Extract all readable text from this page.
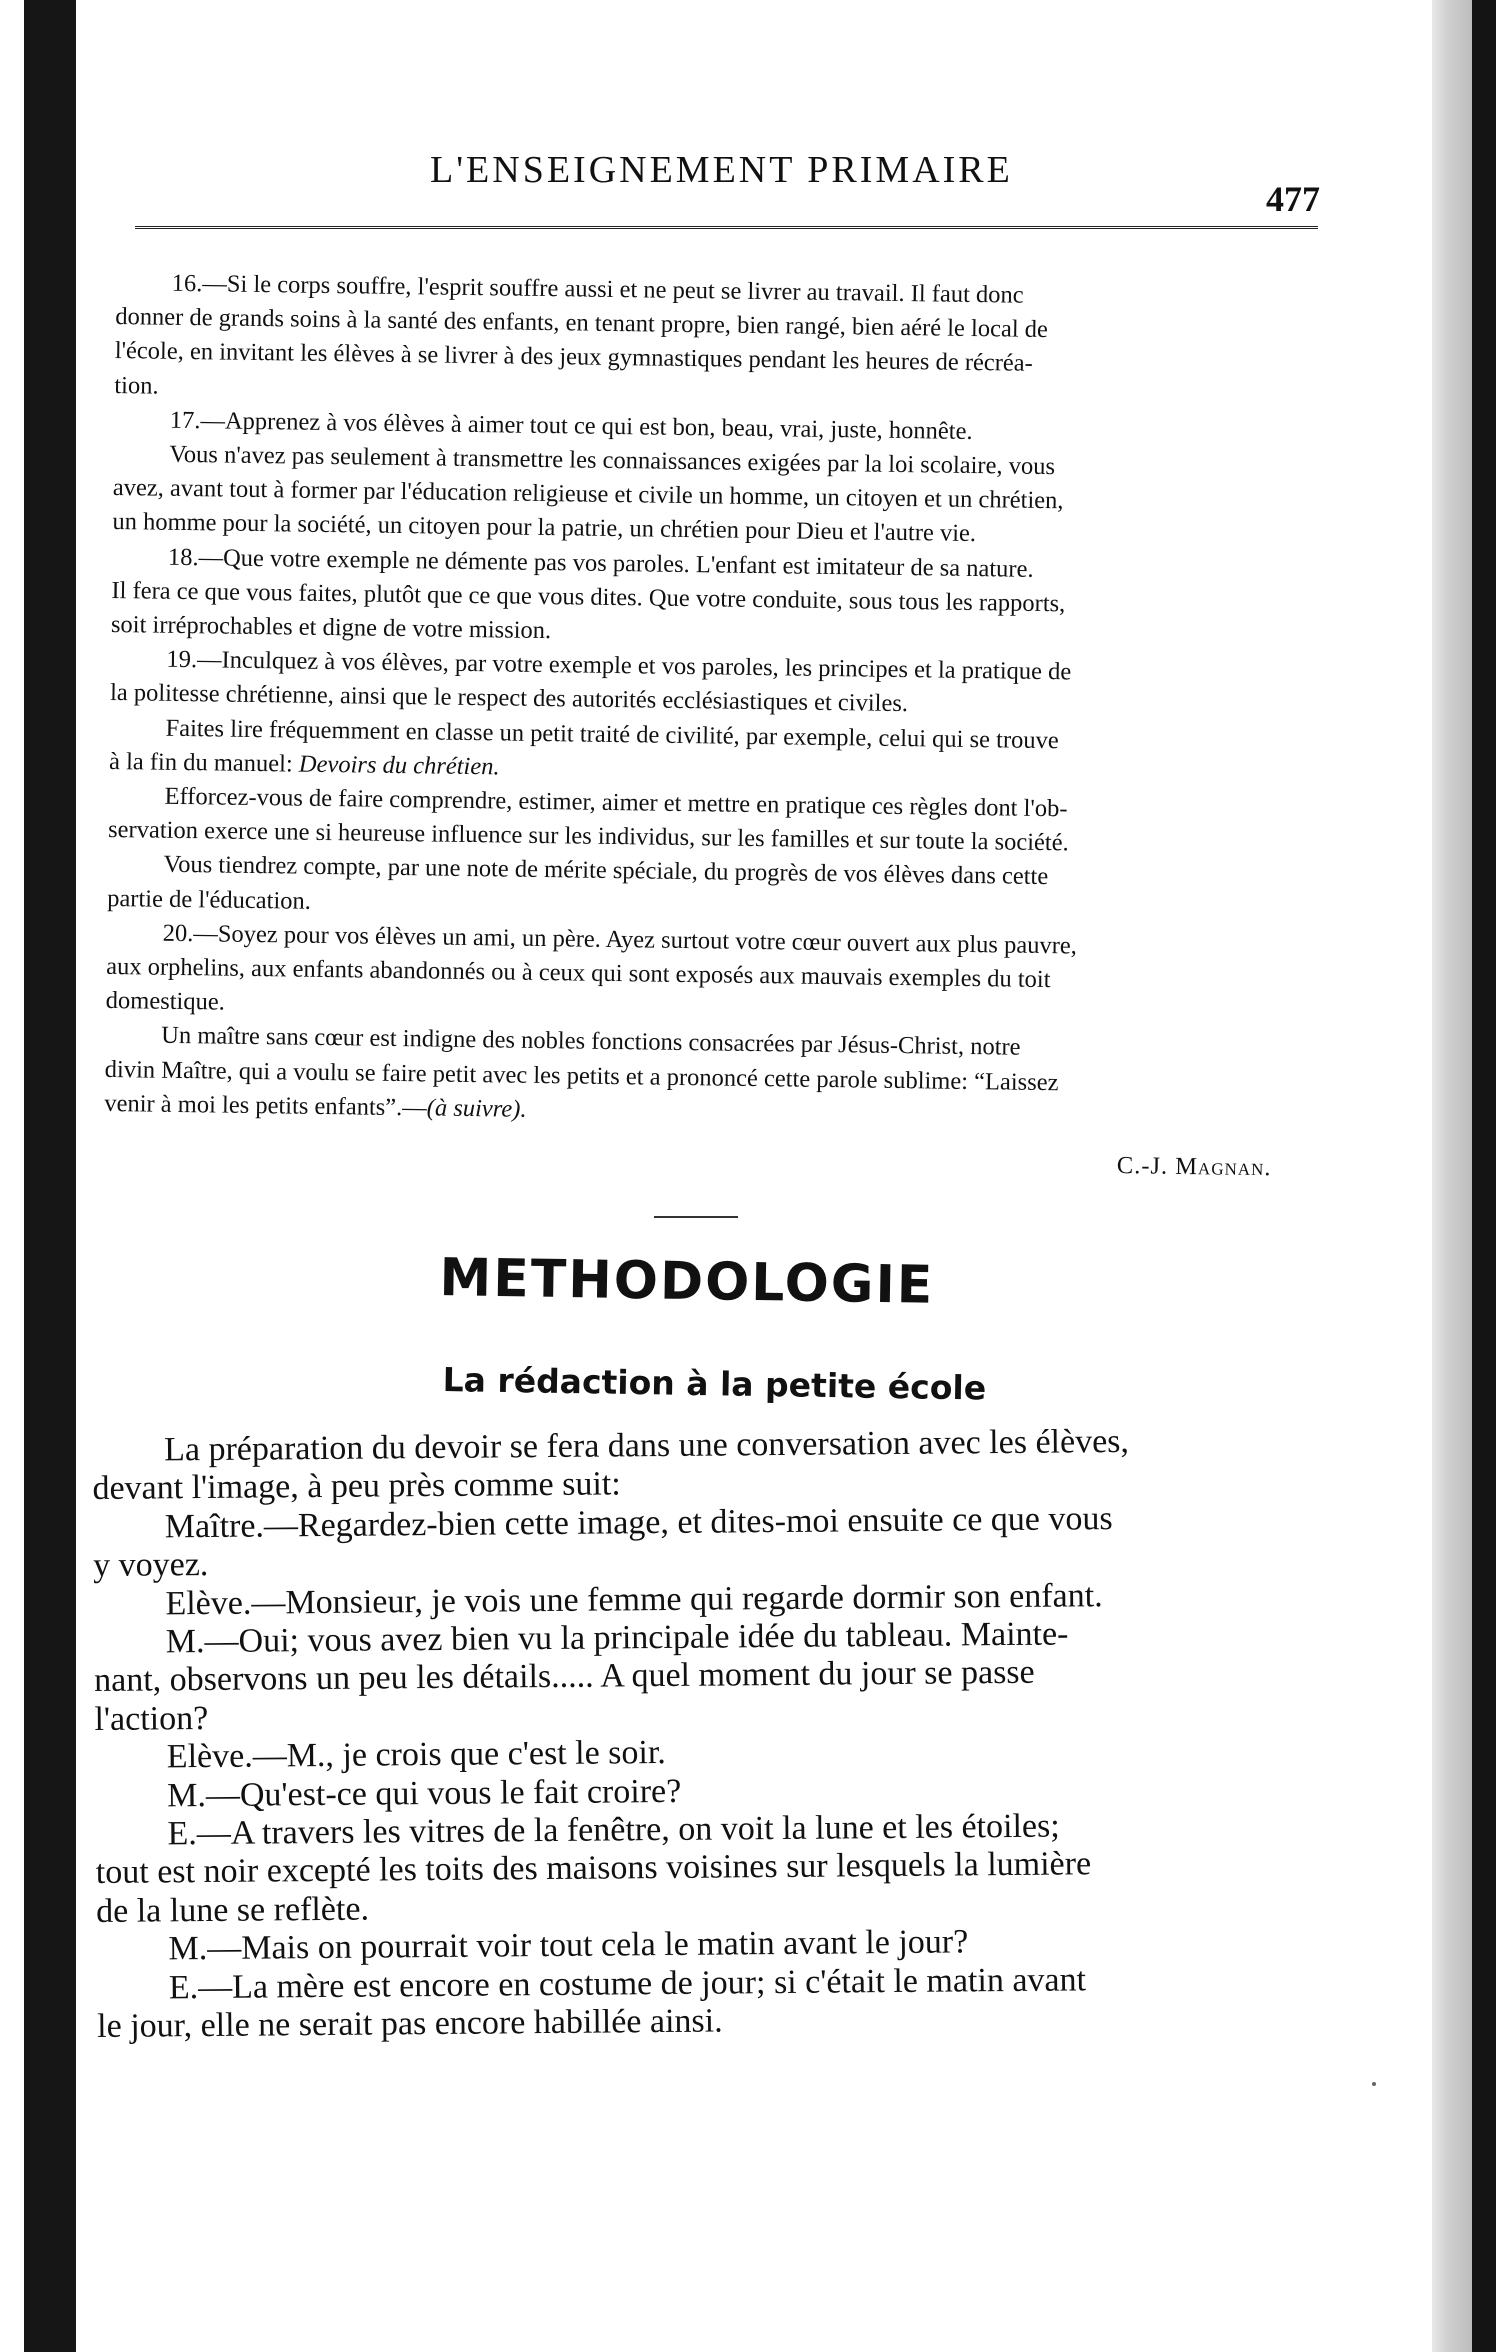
L'ENSEIGNEMENT PRIMAIRE
477

16.—Si le corps souffre, l'esprit souffre aussi et ne peut se livrer au travail. Il faut donc
donner de grands soins à la santé des enfants, en tenant propre, bien rangé, bien aéré le local de
l'école, en invitant les élèves à se livrer à des jeux gymnastiques pendant les heures de récréa-
tion.

17.—Apprenez à vos élèves à aimer tout ce qui est bon, beau, vrai, juste, honnête.

Vous n'avez pas seulement à transmettre les connaissances exigées par la loi scolaire, vous
avez, avant tout à former par l'éducation religieuse et civile un homme, un citoyen et un chrétien,
un homme pour la société, un citoyen pour la patrie, un chrétien pour Dieu et l'autre vie.

18.—Que votre exemple ne démente pas vos paroles. L'enfant est imitateur de sa nature.
Il fera ce que vous faites, plutôt que ce que vous dites. Que votre conduite, sous tous les rapports,
soit irréprochables et digne de votre mission.

19.—Inculquez à vos élèves, par votre exemple et vos paroles, les principes et la pratique de
la politesse chrétienne, ainsi que le respect des autorités ecclésiastiques et civiles.

Faites lire fréquemment en classe un petit traité de civilité, par exemple, celui qui se trouve
à la fin du manuel: Devoirs du chrétien.

Efforcez-vous de faire comprendre, estimer, aimer et mettre en pratique ces règles dont l'ob-
servation exerce une si heureuse influence sur les individus, sur les familles et sur toute la société.

Vous tiendrez compte, par une note de mérite spéciale, du progrès de vos élèves dans cette
partie de l'éducation.

20.—Soyez pour vos élèves un ami, un père. Ayez surtout votre cœur ouvert aux plus pauvre,
aux orphelins, aux enfants abandonnés ou à ceux qui sont exposés aux mauvais exemples du toit
domestique.

Un maître sans cœur est indigne des nobles fonctions consacrées par Jésus-Christ, notre
divin Maître, qui a voulu se faire petit avec les petits et a prononcé cette parole sublime: “Laissez
venir à moi les petits enfants”.—(à suivre).

C.-J. Magnan.

METHODOLOGIE
La rédaction à la petite école

La préparation du devoir se fera dans une conversation avec les élèves,
devant l'image, à peu près comme suit:

Maître.—Regardez-bien cette image, et dites-moi ensuite ce que vous
y voyez.

Elève.—Monsieur, je vois une femme qui regarde dormir son enfant.

M.—Oui; vous avez bien vu la principale idée du tableau. Mainte-
nant, observons un peu les détails..... A quel moment du jour se passe
l'action?

Elève.—M., je crois que c'est le soir.

M.—Qu'est-ce qui vous le fait croire?

E.—A travers les vitres de la fenêtre, on voit la lune et les étoiles;
tout est noir excepté les toits des maisons voisines sur lesquels la lumière
de la lune se reflète.

M.—Mais on pourrait voir tout cela le matin avant le jour?

E.—La mère est encore en costume de jour; si c'était le matin avant
le jour, elle ne serait pas encore habillée ainsi.
